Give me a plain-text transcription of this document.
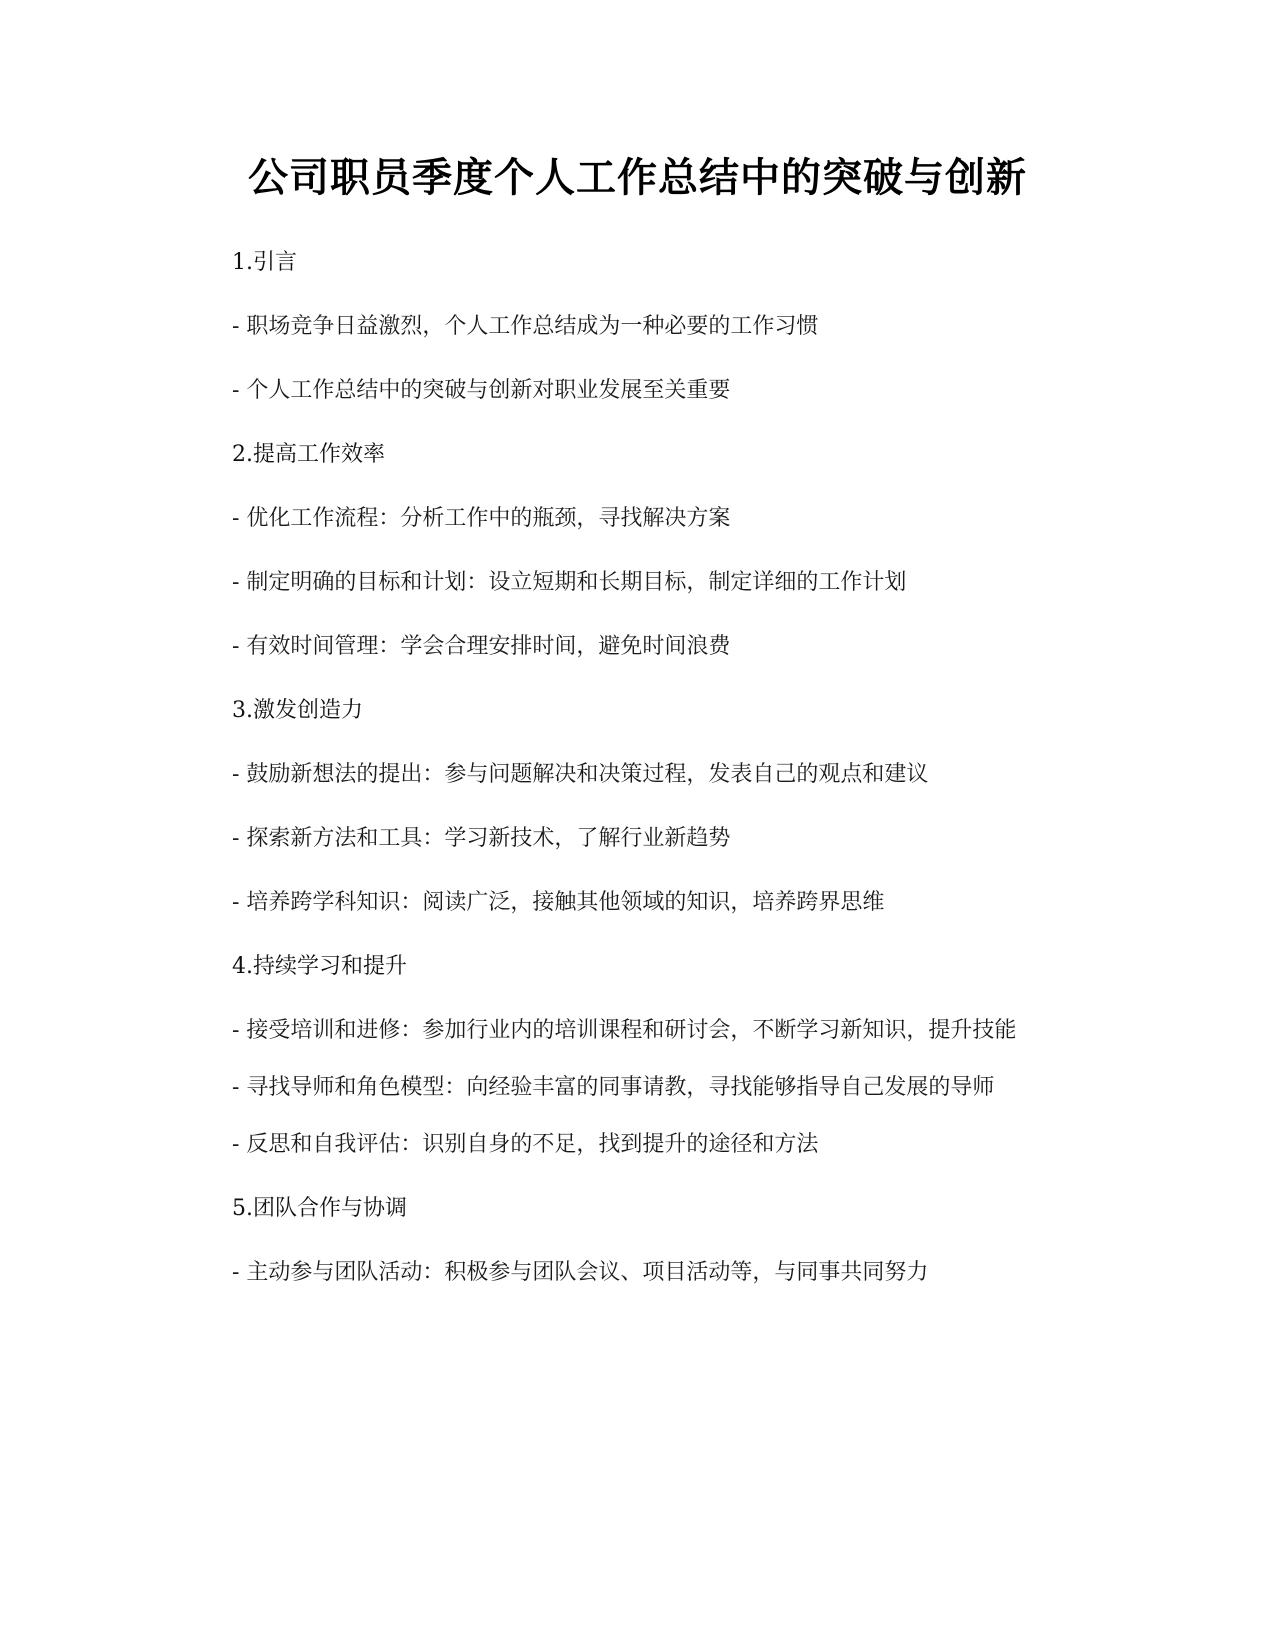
公司职员季度个人工作总结中的突破与创新

1.引言

- 职场竞争日益激烈，个人工作总结成为一种必要的工作习惯

- 个人工作总结中的突破与创新对职业发展至关重要

2.提高工作效率

- 优化工作流程：分析工作中的瓶颈，寻找解决方案

- 制定明确的目标和计划：设立短期和长期目标，制定详细的工作计划

- 有效时间管理：学会合理安排时间，避免时间浪费

3.激发创造力

- 鼓励新想法的提出：参与问题解决和决策过程，发表自己的观点和建议

- 探索新方法和工具：学习新技术，了解行业新趋势

- 培养跨学科知识：阅读广泛，接触其他领域的知识，培养跨界思维

4.持续学习和提升

- 接受培训和进修：参加行业内的培训课程和研讨会，不断学习新知识，提升技能

- 寻找导师和角色模型：向经验丰富的同事请教，寻找能够指导自己发展的导师

- 反思和自我评估：识别自身的不足，找到提升的途径和方法

5.团队合作与协调

- 主动参与团队活动：积极参与团队会议、项目活动等，与同事共同努力
